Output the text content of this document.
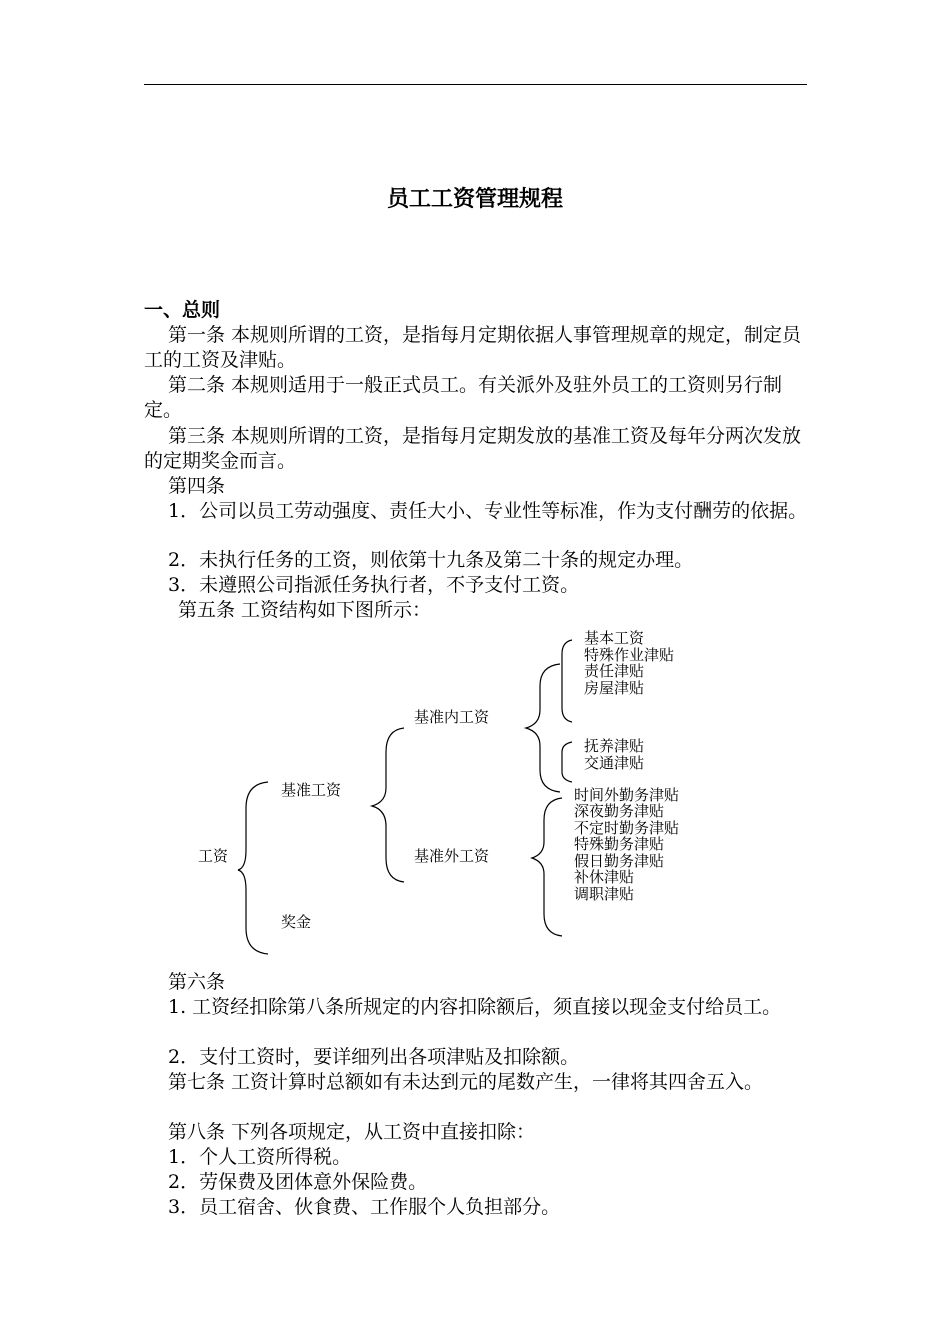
员工工资管理规程
一、总则

第一条 本规则所谓的工资，是指每月定期依据人事管理规章的规定，制定员工的工资及津贴。

第二条 本规则适用于一般正式员工。有关派外及驻外员工的工资则另行制定。

第三条 本规则所谓的工资，是指每月定期发放的基准工资及每年分两次发放的定期奖金而言。

第四条

1．公司以员工劳动强度、责任大小、专业性等标准，作为支付酬劳的依据。

2．未执行任务的工资，则依第十九条及第二十条的规定办理。

3．未遵照公司指派任务执行者，不予支付工资。

第五条 工资结构如下图所示：

工资
基准工资
奖金
基准内工资
基准外工资
基本工资
特殊作业津贴
责任津贴
房屋津贴
抚养津贴
交通津贴
时间外勤务津贴
深夜勤务津贴
不定时勤务津贴
特殊勤务津贴
假日勤务津贴
补休津贴
调职津贴

第六条

1. 工资经扣除第八条所规定的内容扣除额后，须直接以现金支付给员工。

2．支付工资时，要详细列出各项津贴及扣除额。

第七条 工资计算时总额如有未达到元的尾数产生，一律将其四舍五入。

第八条 下列各项规定，从工资中直接扣除：

1．个人工资所得税。

2．劳保费及团体意外保险费。

3．员工宿舍、伙食费、工作服个人负担部分。
